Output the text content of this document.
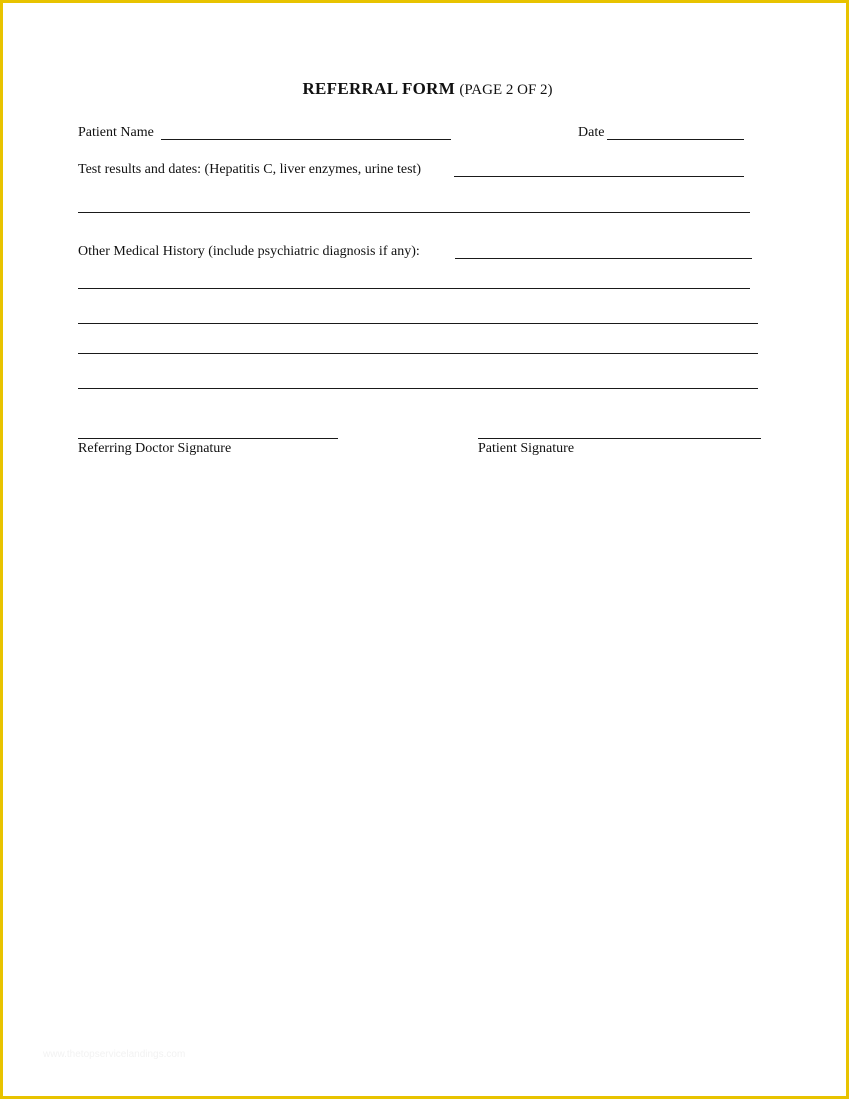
REFERRAL FORM (PAGE 2 OF 2)
Patient Name	Date
Test results and dates: (Hepatitis C, liver enzymes, urine test)
Other Medical History (include psychiatric diagnosis if any):
Referring Doctor Signature	Patient Signature
www.thetopservicelandings.com
